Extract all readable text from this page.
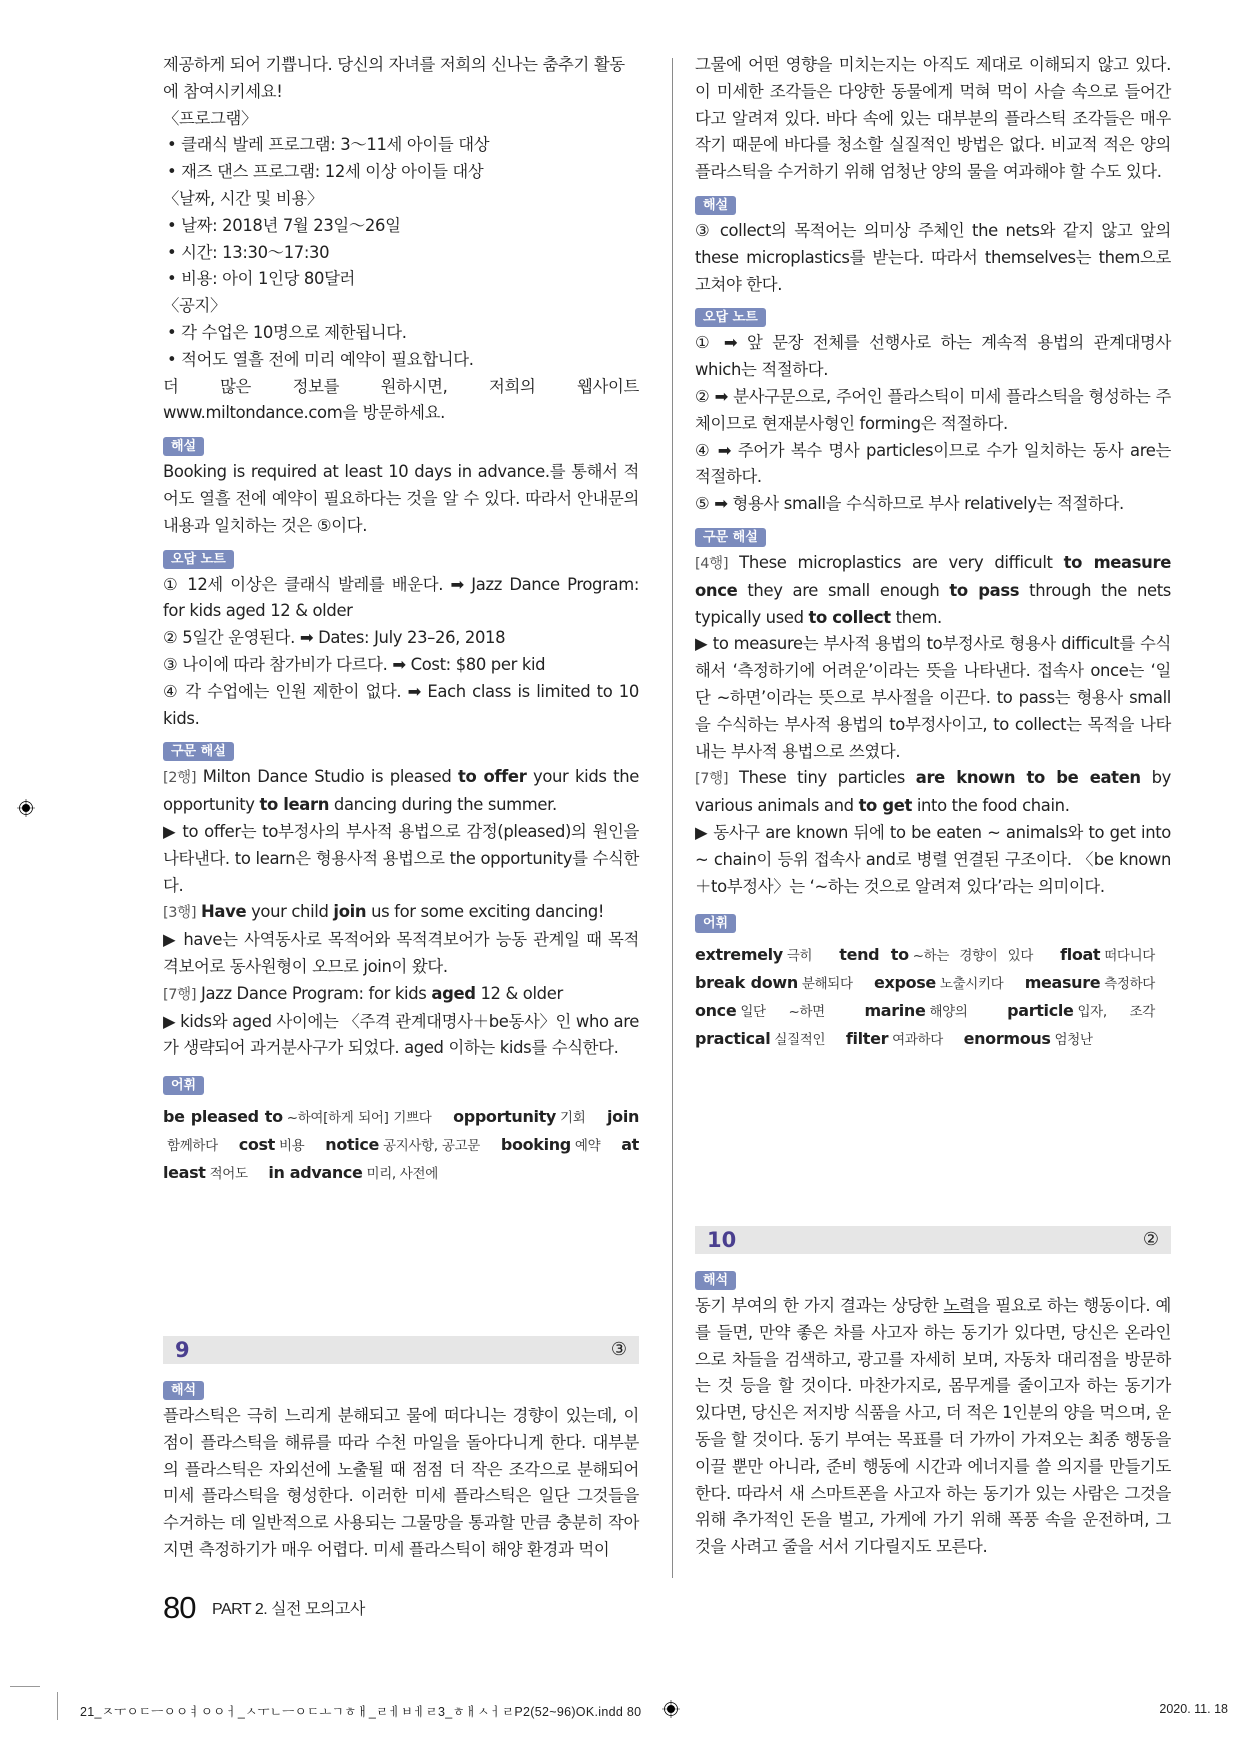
제공하게 되어 기쁩니다. 당신의 자녀를 저희의 신나는 춤추기 활동

에 참여시키세요!

〈프로그램〉

• 클래식 발레 프로그램: 3～11세 아이들 대상

• 재즈 댄스 프로그램: 12세 이상 아이들 대상

〈날짜, 시간 및 비용〉

• 날짜: 2018년 7월 23일～26일

• 시간: 13:30～17:30

• 비용: 아이 1인당 80달러

〈공지〉

• 각 수업은 10명으로 제한됩니다.

• 적어도 열흘 전에 미리 예약이 필요합니다.

더 많은 정보를 원하시면, 저희의 웹사이트 www.miltondance.com을 방문하세요.

해설

Booking is required at least 10 days in advance.를 통해서 적어도 열흘 전에 예약이 필요하다는 것을 알 수 있다. 따라서 안내문의 내용과 일치하는 것은 ⑤이다.

오답 노트

① 12세 이상은 클래식 발레를 배운다. ➡ Jazz Dance Program: for kids aged 12 & older

② 5일간 운영된다. ➡ Dates: July 23–26, 2018

③ 나이에 따라 참가비가 다르다. ➡ Cost: $80 per kid

④ 각 수업에는 인원 제한이 없다. ➡ Each class is limited to 10 kids.

구문 해설

[2행] Milton Dance Studio is pleased to offer your kids the opportunity to learn dancing during the summer.

▶ to offer는 to부정사의 부사적 용법으로 감정(pleased)의 원인을 나타낸다. to learn은 형용사적 용법으로 the opportunity를 수식한다.

[3행] Have your child join us for some exciting dancing!

▶ have는 사역동사로 목적어와 목적격보어가 능동 관계일 때 목적격보어로 동사원형이 오므로 join이 왔다.

[7행] Jazz Dance Program: for kids aged 12 & older

▶ kids와 aged 사이에는 〈주격 관계대명사＋be동사〉인 who are가 생략되어 과거분사구가 되었다. aged 이하는 kids를 수식한다.

어휘

be pleased to ~하여[하게 되어] 기쁘다 opportunity 기회 join함께하다 cost 비용 notice 공지사항, 공고문 booking 예약 at least 적어도 in advance 미리, 사전에

9	③
해석

플라스틱은 극히 느리게 분해되고 물에 떠다니는 경향이 있는데, 이 점이 플라스틱을 해류를 따라 수천 마일을 돌아다니게 한다. 대부분의 플라스틱은 자외선에 노출될 때 점점 더 작은 조각으로 분해되어 미세 플라스틱을 형성한다. 이러한 미세 플라스틱은 일단 그것들을 수거하는 데 일반적으로 사용되는 그물망을 통과할 만큼 충분히 작아지면 측정하기가 매우 어렵다. 미세 플라스틱이 해양 환경과 먹이

그물에 어떤 영향을 미치는지는 아직도 제대로 이해되지 않고 있다. 이 미세한 조각들은 다양한 동물에게 먹혀 먹이 사슬 속으로 들어간다고 알려져 있다. 바다 속에 있는 대부분의 플라스틱 조각들은 매우 작기 때문에 바다를 청소할 실질적인 방법은 없다. 비교적 적은 양의 플라스틱을 수거하기 위해 엄청난 양의 물을 여과해야 할 수도 있다.

해설

③ collect의 목적어는 의미상 주체인 the nets와 같지 않고 앞의 these microplastics를 받는다. 따라서 themselves는 them으로 고쳐야 한다.

오답 노트

① ➡ 앞 문장 전체를 선행사로 하는 계속적 용법의 관계대명사 which는 적절하다.

② ➡ 분사구문으로, 주어인 플라스틱이 미세 플라스틱을 형성하는 주체이므로 현재분사형인 forming은 적절하다.

④ ➡ 주어가 복수 명사 particles이므로 수가 일치하는 동사 are는 적절하다.

⑤ ➡ 형용사 small을 수식하므로 부사 relatively는 적절하다.

구문 해설

[4행] These microplastics are very difficult to measure once they are small enough to pass through the nets typically used to collect them.

▶ to measure는 부사적 용법의 to부정사로 형용사 difficult를 수식해서 ‘측정하기에 어려운’이라는 뜻을 나타낸다. 접속사 once는 ‘일단 ~하면’이라는 뜻으로 부사절을 이끈다. to pass는 형용사 small을 수식하는 부사적 용법의 to부정사이고, to collect는 목적을 나타내는 부사적 용법으로 쓰였다.

[7행] These tiny particles are known to be eaten by various animals and to get into the food chain.

▶ 동사구 are known 뒤에 to be eaten ~ animals와 to get into ~ chain이 등위 접속사 and로 병렬 연결된 구조이다. 〈be known＋to부정사〉는 ‘~하는 것으로 알려져 있다’라는 의미이다.

어휘

extremely 극히 tend to ~하는 경향이 있다 float 떠다니다 break down 분해되다 expose 노출시키다 measure 측정하다 once 일단 ~하면 marine 해양의 particle 입자, 조각 practical 실질적인 filter 여과하다 enormous 엄청난

10	②
해석

동기 부여의 한 가지 결과는 상당한 노력을 필요로 하는 행동이다. 예를 들면, 만약 좋은 차를 사고자 하는 동기가 있다면, 당신은 온라인으로 차들을 검색하고, 광고를 자세히 보며, 자동차 대리점을 방문하는 것 등을 할 것이다. 마찬가지로, 몸무게를 줄이고자 하는 동기가 있다면, 당신은 저지방 식품을 사고, 더 적은 1인분의 양을 먹으며, 운동을 할 것이다. 동기 부여는 목표를 더 가까이 가져오는 최종 행동을 이끌 뿐만 아니라, 준비 행동에 시간과 에너지를 쓸 의지를 만들기도 한다. 따라서 새 스마트폰을 사고자 하는 동기가 있는 사람은 그것을 위해 추가적인 돈을 벌고, 가게에 가기 위해 폭풍 속을 운전하며, 그것을 사려고 줄을 서서 기다릴지도 모른다.

80 PART 2. 실전 모의고사
21_ㅈㅜㅇㄷㅡㅇㅇㅕㅇㅇㅓ_ㅅㅜㄴㅡㅇㄷㅗㄱㅎㅐ_ㄹㅔㅂㅔㄹ3_ㅎㅐㅅㅓㄹP2(52~96)OK.indd 80	2020. 11. 18
